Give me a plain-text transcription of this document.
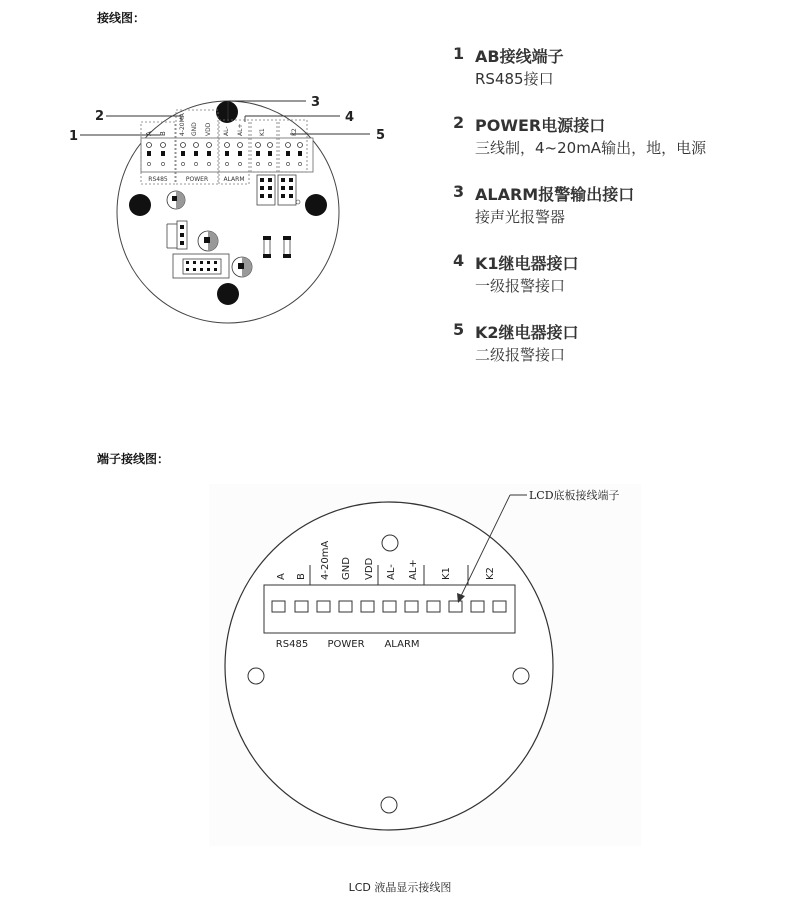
接线图：
1 AB接线端子
RS485接口
2 POWER电源接口
三线制，4~20mA输出，地，电源
3 ALARM报警输出接口
接声光报警器
4 K1继电器接口
一级报警接口
5 K2继电器接口
二级报警接口
端子接线图：
A B 4-20MA GND VDD AL- AL+	K1	K2
RS485	POWER	ALARM
1
2
3
4
5
A B 4-20mA GND VDD AL- AL+ K1	K2
RS485 POWER ALARM
LCD底板接线端子
LCD 液晶显示接线图
